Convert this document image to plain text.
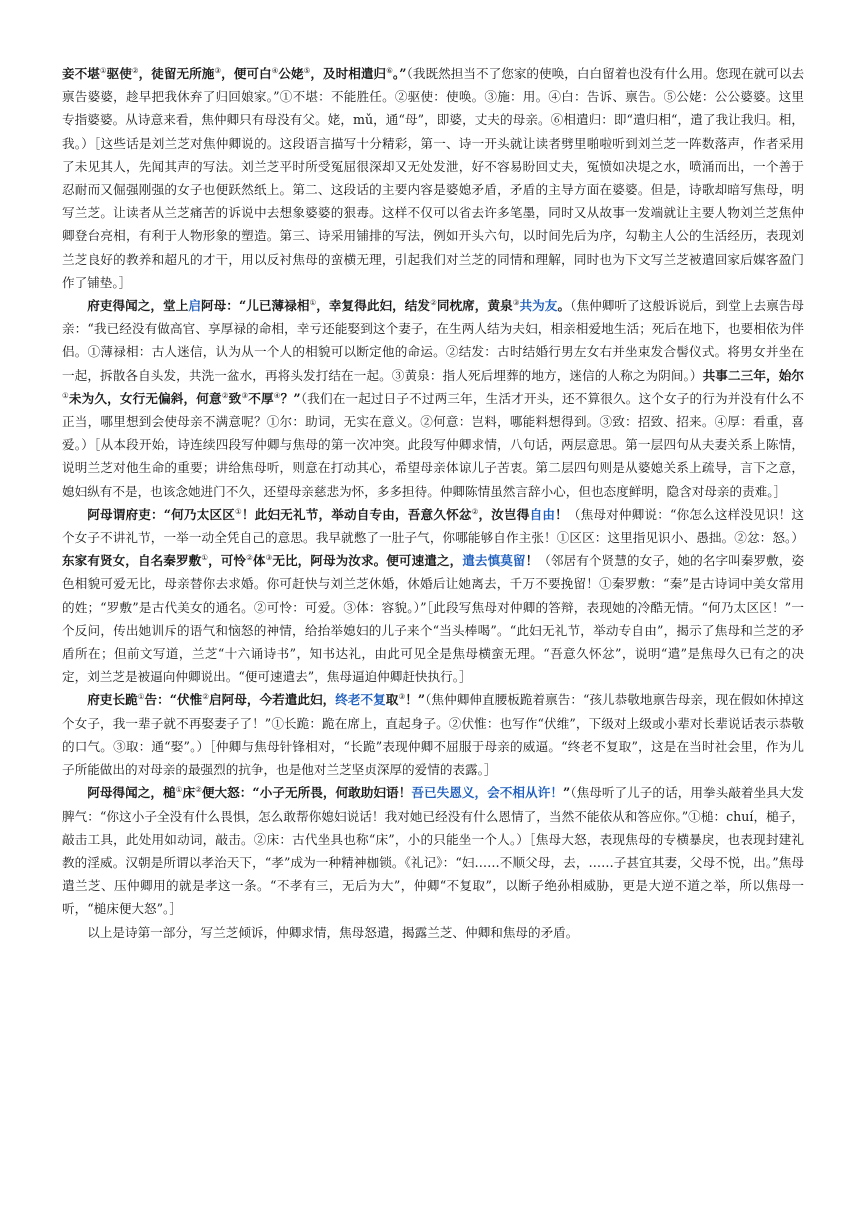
妾不堪①驱使②，徒留无所施③，便可白④公姥⑤，及时相遣归⑥。”（我既然担当不了您家的使唤，白白留着也没有什么用。您现在就可以去禀告婆婆，趁早把我休弃了归回娘家。”①不堪：不能胜任。②驱使：使唤。③施：用。④白：告诉、禀告。⑤公姥：公公婆婆。这里专指婆婆。从诗意来看，焦仲卿只有母没有父。姥，mǔ，通“母”，即婆，丈夫的母亲。⑥相遣归：即“遣归相“，遣了我让我归。相，我。）［这些话是刘兰芝对焦仲卿说的。这段语言描写十分精彩，第一、诗一开头就让读者劈里啪啦听到刘兰芝一阵数落声，作者采用了未见其人，先闻其声的写法。刘兰芝平时所受冤屈很深却又无处发泄，好不容易盼回丈夫，冤愤如决堤之水，喷涌而出，一个善于忍耐而又倔强刚强的女子也便跃然纸上。第二、这段话的主要内容是婆媳矛盾，矛盾的主导方面在婆婆。但是，诗歌却暗写焦母，明写兰芝。让读者从兰芝痛苦的诉说中去想象婆婆的狠毒。这样不仅可以省去许多笔墨，同时又从故事一发端就让主要人物刘兰芝焦仲卿登台亮相，有利于人物形象的塑造。第三、诗采用铺排的写法，例如开头六句，以时间先后为序，勾勒主人公的生活经历，表现刘兰芝良好的教养和超凡的才干，用以反衬焦母的蛮横无理，引起我们对兰芝的同情和理解，同时也为下文写兰芝被遣回家后媒客盈门作了铺垫。］

府吏得闻之，堂上启阿母：“儿已薄禄相①，幸复得此妇，结发②同枕席，黄泉③共为友。（焦仲卿听了这般诉说后，到堂上去禀告母亲：“我已经没有做高官、享厚禄的命相，幸亏还能娶到这个妻子，在生两人结为夫妇，相亲相爱地生活；死后在地下，也要相依为伴侣。①薄禄相：古人迷信，认为从一个人的相貌可以断定他的命运。②结发：古时结婚行男左女右并坐束发合髻仪式。将男女并坐在一起，拆散各自头发，共洗一盆水，再将头发打结在一起。③黄泉：指人死后埋葬的地方，迷信的人称之为阴间。）共事二三年，始尔①未为久，女行无偏斜，何意②致③不厚④？”（我们在一起过日子不过两三年，生活才开头，还不算很久。这个女子的行为并没有什么不正当，哪里想到会使母亲不满意呢？①尔：助词，无实在意义。②何意：岂料，哪能料想得到。③致：招致、招来。④厚：看重，喜爱。）［从本段开始，诗连续四段写仲卿与焦母的第一次冲突。此段写仲卿求情，八句话，两层意思。第一层四句从夫妻关系上陈情，说明兰芝对他生命的重要；讲给焦母听，则意在打动其心，希望母亲体谅儿子苦衷。第二层四句则是从婆媳关系上疏导，言下之意，媳妇纵有不是，也该念她进门不久，还望母亲慈悲为怀，多多担待。仲卿陈情虽然言辞小心，但也态度鲜明，隐含对母亲的责难。］

阿母谓府吏：“何乃太区区①！此妇无礼节，举动自专由，吾意久怀忿②，汝岂得自由！（焦母对仲卿说：“你怎么这样没见识！这个女子不讲礼节，一举一动全凭自己的意思。我早就憋了一肚子气，你哪能够自作主张！①区区：这里指见识小、愚拙。②忿：怒。）东家有贤女，自名秦罗敷①，可怜②体③无比，阿母为汝求。便可速遣之，遣去慎莫留！（邻居有个贤慧的女子，她的名字叫秦罗敷，姿色相貌可爱无比，母亲替你去求婚。你可赶快与刘兰芝休婚，休婚后让她离去，千万不要挽留！①秦罗敷：“秦”是古诗词中美女常用的姓；“罗敷”是古代美女的通名。②可怜：可爱。③体：容貌。）”［此段写焦母对仲卿的答辩，表现她的冷酷无情。“何乃太区区！”一个反问，传出她训斥的语气和恼怒的神情，给抬举媳妇的儿子来个“当头棒喝”。“此妇无礼节，举动专自由”，揭示了焦母和兰芝的矛盾所在；但前文写道，兰芝“十六诵诗书”，知书达礼，由此可见全是焦母横蛮无理。“吾意久怀忿”，说明“遣”是焦母久已有之的决定，刘兰芝是被逼向仲卿说出。“便可速遣去”，焦母逼迫仲卿赶快执行。］

府吏长跪①告：“伏惟②启阿母，今若遣此妇，终老不复取③！”（焦仲卿伸直腰板跪着禀告：“孩儿恭敬地禀告母亲，现在假如休掉这个女子，我一辈子就不再娶妻子了！”①长跪：跪在席上，直起身子。②伏惟：也写作“伏维”，下级对上级或小辈对长辈说话表示恭敬的口气。③取：通“娶”。）［仲卿与焦母针锋相对，“长跪”表现仲卿不屈服于母亲的威逼。“终老不复取”，这是在当时社会里，作为儿子所能做出的对母亲的最强烈的抗争，也是他对兰芝坚贞深厚的爱情的表露。］

阿母得闻之，槌①床②便大怒：“小子无所畏，何敢助妇语！吾已失恩义，会不相从许！”（焦母听了儿子的话，用拳头敲着坐具大发脾气：“你这小子全没有什么畏惧，怎么敢帮你媳妇说话！我对她已经没有什么恩情了，当然不能依从和答应你。”①槌：chuí，槌子，敲击工具，此处用如动词，敲击。②床：古代坐具也称“床”，小的只能坐一个人。）［焦母大怒，表现焦母的专横暴戾，也表现封建礼教的淫威。汉朝是所谓以孝治天下，“孝”成为一种精神枷锁。《礼记》：“妇……不顺父母，去，……子甚宜其妻，父母不悦，出。”焦母遣兰芝、压仲卿用的就是孝这一条。“不孝有三，无后为大”，仲卿“不复取”，以断子绝孙相威胁，更是大逆不道之举，所以焦母一听，“槌床便大怒”。］

以上是诗第一部分，写兰芝倾诉，仲卿求情，焦母怒遣，揭露兰芝、仲卿和焦母的矛盾。
